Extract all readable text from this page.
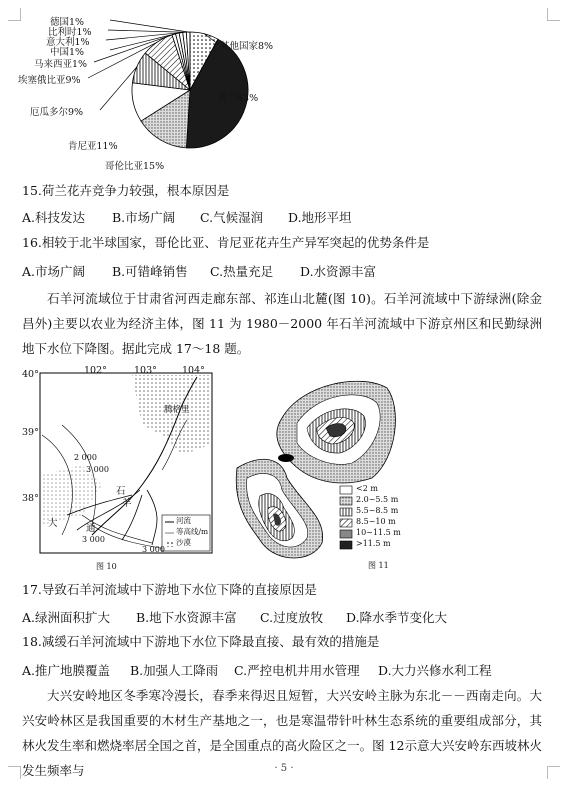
荷兰43%
哥伦比亚15%
肯尼亚11%
厄瓜多尔9%
埃塞俄比亚9%
马来西亚1%
中国1%
意大利1%
比利时1%
德国1%
其他国家8%
15.荷兰花卉竞争力较强，根本原因是
A.科技发达	B.市场广阔	C.气候湿润	D.地形平坦
16.相较于北半球国家，哥伦比亚、肯尼亚花卉生产异军突起的优势条件是
A.市场广阔	B.可错峰销售	C.热量充足	D.水资源丰富
石羊河流域位于甘肃省河西走廊东部、祁连山北麓(图 10)。石羊河流域中下游绿洲(除金昌外)主要以农业为经济主体，图 11 为 1980－2000 年石羊河流域中下游京州区和民勤绿洲地下水位下降图。据此完成 17～18 题。
102°	103°	104°
40°
39°
38°
2 000
3 000
3 000
3 000
腾格里
石
羊
大	通
河流
等高线/m
沙漠
图 10
<2 m
2.0~5.5 m
5.5~8.5 m
8.5~10 m
10~11.5 m
>11.5 m
图 11
17.导致石羊河流域中下游地下水位下降的直接原因是
A.绿洲面积扩大	B.地下水资源丰富	C.过度放牧	D.降水季节变化大
18.减缓石羊河流域中下游地下水位下降最直接、最有效的措施是
A.推广地膜覆盖	B.加强人工降雨	C.严控电机井用水管理	D.大力兴修水利工程
大兴安岭地区冬季寒冷漫长，春季来得迟且短暂，大兴安岭主脉为东北－－西南走向。大兴安岭林区是我国重要的木材生产基地之一，也是寒温带针叶林生态系统的重要组成部分，其林火发生率和燃烧率居全国之首，是全国重点的高火险区之一。图 12示意大兴安岭东西坡林火发生频率与	· 5 ·
